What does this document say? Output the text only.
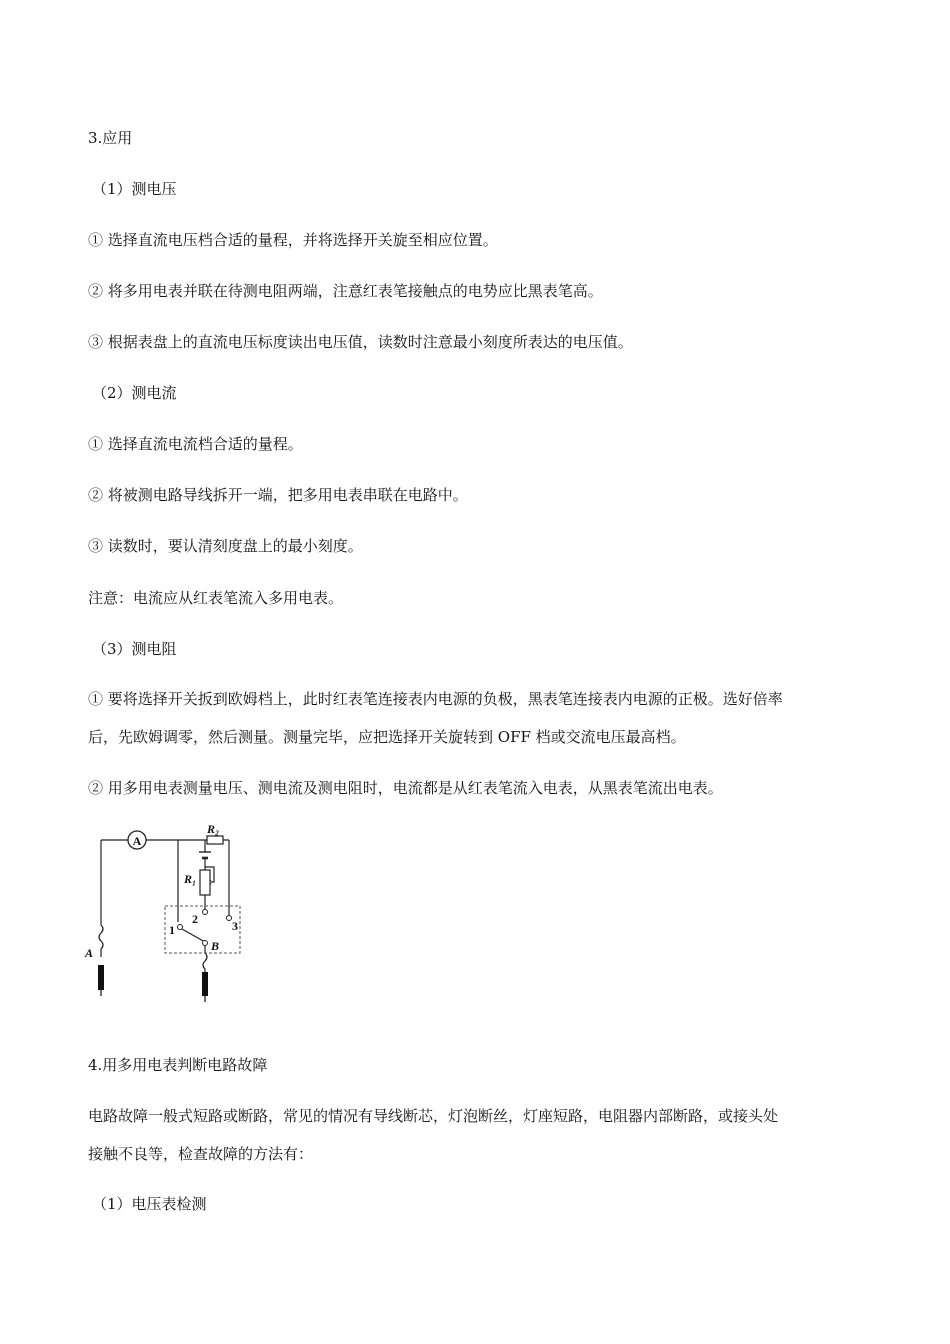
3.应用
（1）测电压
① 选择直流电压档合适的量程，并将选择开关旋至相应位置。
② 将多用电表并联在待测电阻两端，注意红表笔接触点的电势应比黑表笔高。
③ 根据表盘上的直流电压标度读出电压值，读数时注意最小刻度所表达的电压值。
（2）测电流
① 选择直流电流档合适的量程。
② 将被测电路导线拆开一端，把多用电表串联在电路中。
③ 读数时，要认清刻度盘上的最小刻度。
注意：电流应从红表笔流入多用电表。
（3）测电阻
① 要将选择开关扳到欧姆档上，此时红表笔连接表内电源的负极，黑表笔连接表内电源的正极。选好倍率
后，先欧姆调零，然后测量。测量完毕，应把选择开关旋转到 OFF 档或交流电压最高档。
② 用多用电表测量电压、测电流及测电阻时，电流都是从红表笔流入电表，从黑表笔流出电表。
A
R₂
R₁
2	3
1
B
A
4.用多用电表判断电路故障
电路故障一般式短路或断路，常见的情况有导线断芯，灯泡断丝，灯座短路，电阻器内部断路，或接头处
接触不良等，检查故障的方法有：
（1）电压表检测
